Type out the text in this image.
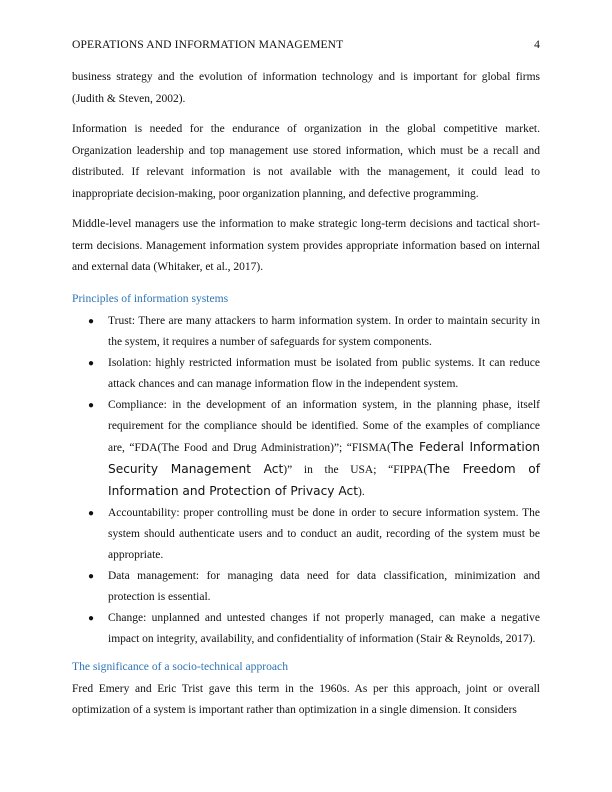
OPERATIONS AND INFORMATION MANAGEMENT	4

business strategy and the evolution of information technology and is important for global firms (Judith & Steven, 2002).

Information is needed for the endurance of organization in the global competitive market. Organization leadership and top management use stored information, which must be a recall and distributed. If relevant information is not available with the management, it could lead to inappropriate decision-making, poor organization planning, and defective programming.

Middle-level managers use the information to make strategic long-term decisions and tactical short-term decisions. Management information system provides appropriate information based on internal and external data (Whitaker, et al., 2017).

Principles of information systems
● Trust: There are many attackers to harm information system. In order to maintain security in the system, it requires a number of safeguards for system components.
● Isolation: highly restricted information must be isolated from public systems. It can reduce attack chances and can manage information flow in the independent system.
● Compliance: in the development of an information system, in the planning phase, itself requirement for the compliance should be identified. Some of the examples of compliance are, “FDA(The Food and Drug Administration)”; “FISMA(The Federal Information Security Management Act)” in the USA; “FIPPA(The Freedom of Information and Protection of Privacy Act).
● Accountability: proper controlling must be done in order to secure information system. The system should authenticate users and to conduct an audit, recording of the system must be appropriate.
● Data management: for managing data need for data classification, minimization and protection is essential.
● Change: unplanned and untested changes if not properly managed, can make a negative impact on integrity, availability, and confidentiality of information (Stair & Reynolds, 2017).
The significance of a socio-technical approach

Fred Emery and Eric Trist gave this term in the 1960s. As per this approach, joint or overall optimization of a system is important rather than optimization in a single dimension. It considers
